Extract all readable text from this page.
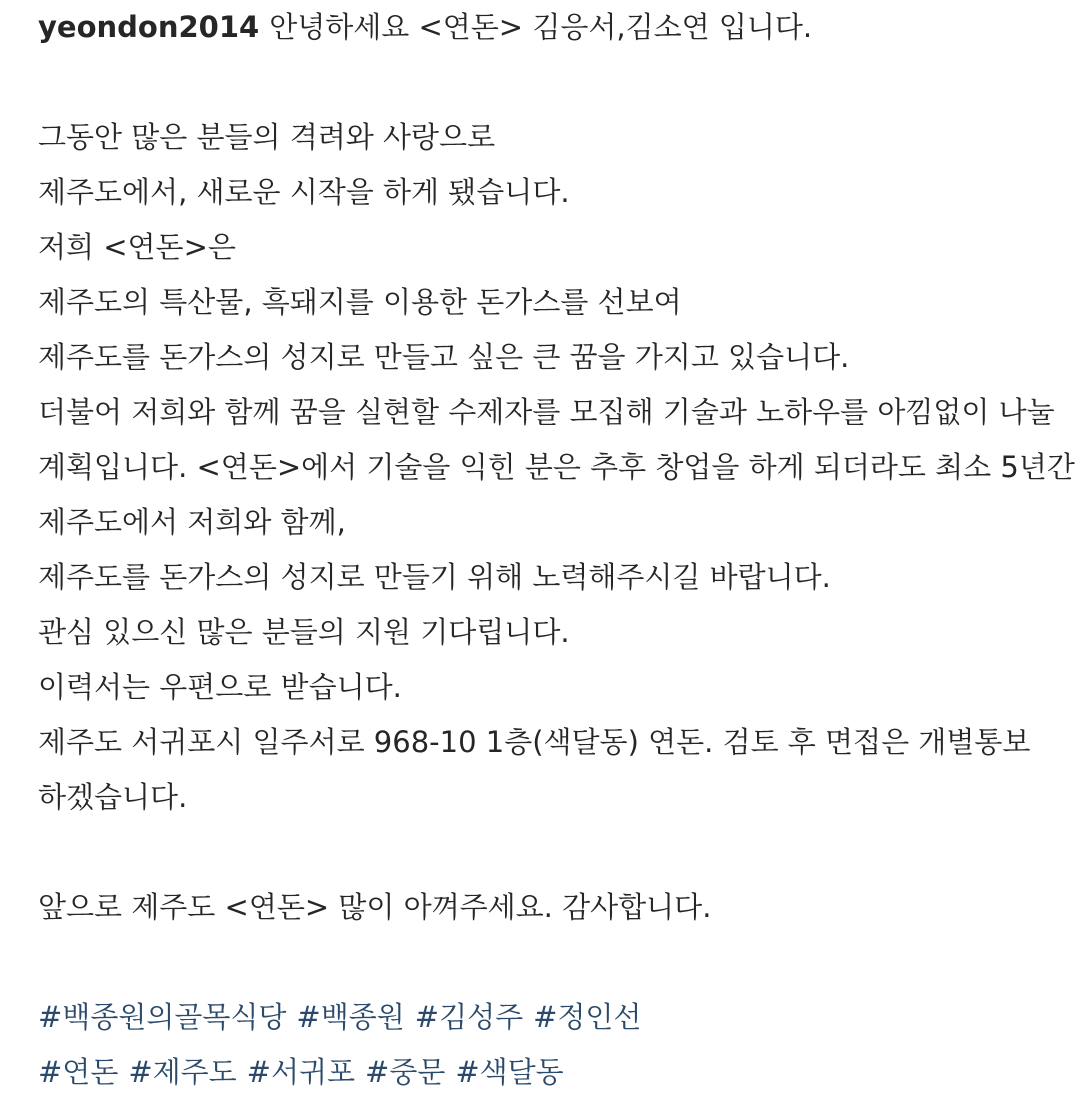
yeondon2014 안녕하세요 <연돈> 김응서,김소연 입니다.
그동안 많은 분들의 격려와 사랑으로
제주도에서, 새로운 시작을 하게 됐습니다.
저희 <연돈>은
제주도의 특산물, 흑돼지를 이용한 돈가스를 선보여
제주도를 돈가스의 성지로 만들고 싶은 큰 꿈을 가지고 있습니다.
더불어 저희와 함께 꿈을 실현할 수제자를 모집해 기술과 노하우를 아낌없이 나눌
계획입니다. <연돈>에서 기술을 익힌 분은 추후 창업을 하게 되더라도 최소 5년간
제주도에서 저희와 함께,
제주도를 돈가스의 성지로 만들기 위해 노력해주시길 바랍니다.
관심 있으신 많은 분들의 지원 기다립니다.
이력서는 우편으로 받습니다.
제주도 서귀포시 일주서로 968-10 1층(색달동) 연돈. 검토 후 면접은 개별통보
하겠습니다.
앞으로 제주도 <연돈> 많이 아껴주세요. 감사합니다.
#백종원의골목식당 #백종원 #김성주 #정인선
#연돈 #제주도 #서귀포 #중문 #색달동
